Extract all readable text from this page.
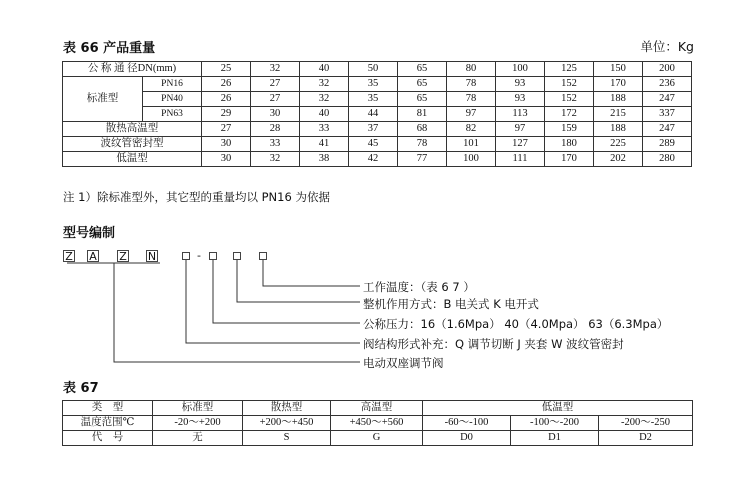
表 66 产品重量	单位：Kg
公 称 通 径DN(mm)		25	32	40	50	65	80	100	125	150	200
标准型	PN16	26	27	32	35	65	78	93	152	170	236
	PN40	26	27	32	35	65	78	93	152	188	247
	PN63	29	30	40	44	81	97	113	172	215	337
散热高温型		27	28	33	37	68	82	97	159	188	247
波纹管密封型		30	33	41	45	78	101	127	180	225	289
低温型		30	32	38	42	77	100	111	170	202	280
注 1）除标准型外，其它型的重量均以 PN16 为依据
型号编制
Z A Z N	-
工作温度：（表 6 7 ）
整机作用方式：B 电关式 K 电开式
公称压力：16（1.6Mpa） 40（4.0Mpa） 63（6.3Mpa）
阀结构形式补充：Q 调节切断 J 夹套 W 波纹管密封
电动双座调节阀
表 67
类　型	标准型	散热型	高温型	低温型		
温度范围℃	-20～+200	+200～+450	+450～+560	-60～-100	-100～-200	-200～-250
代　号	无	S	G	D0	D1	D2
